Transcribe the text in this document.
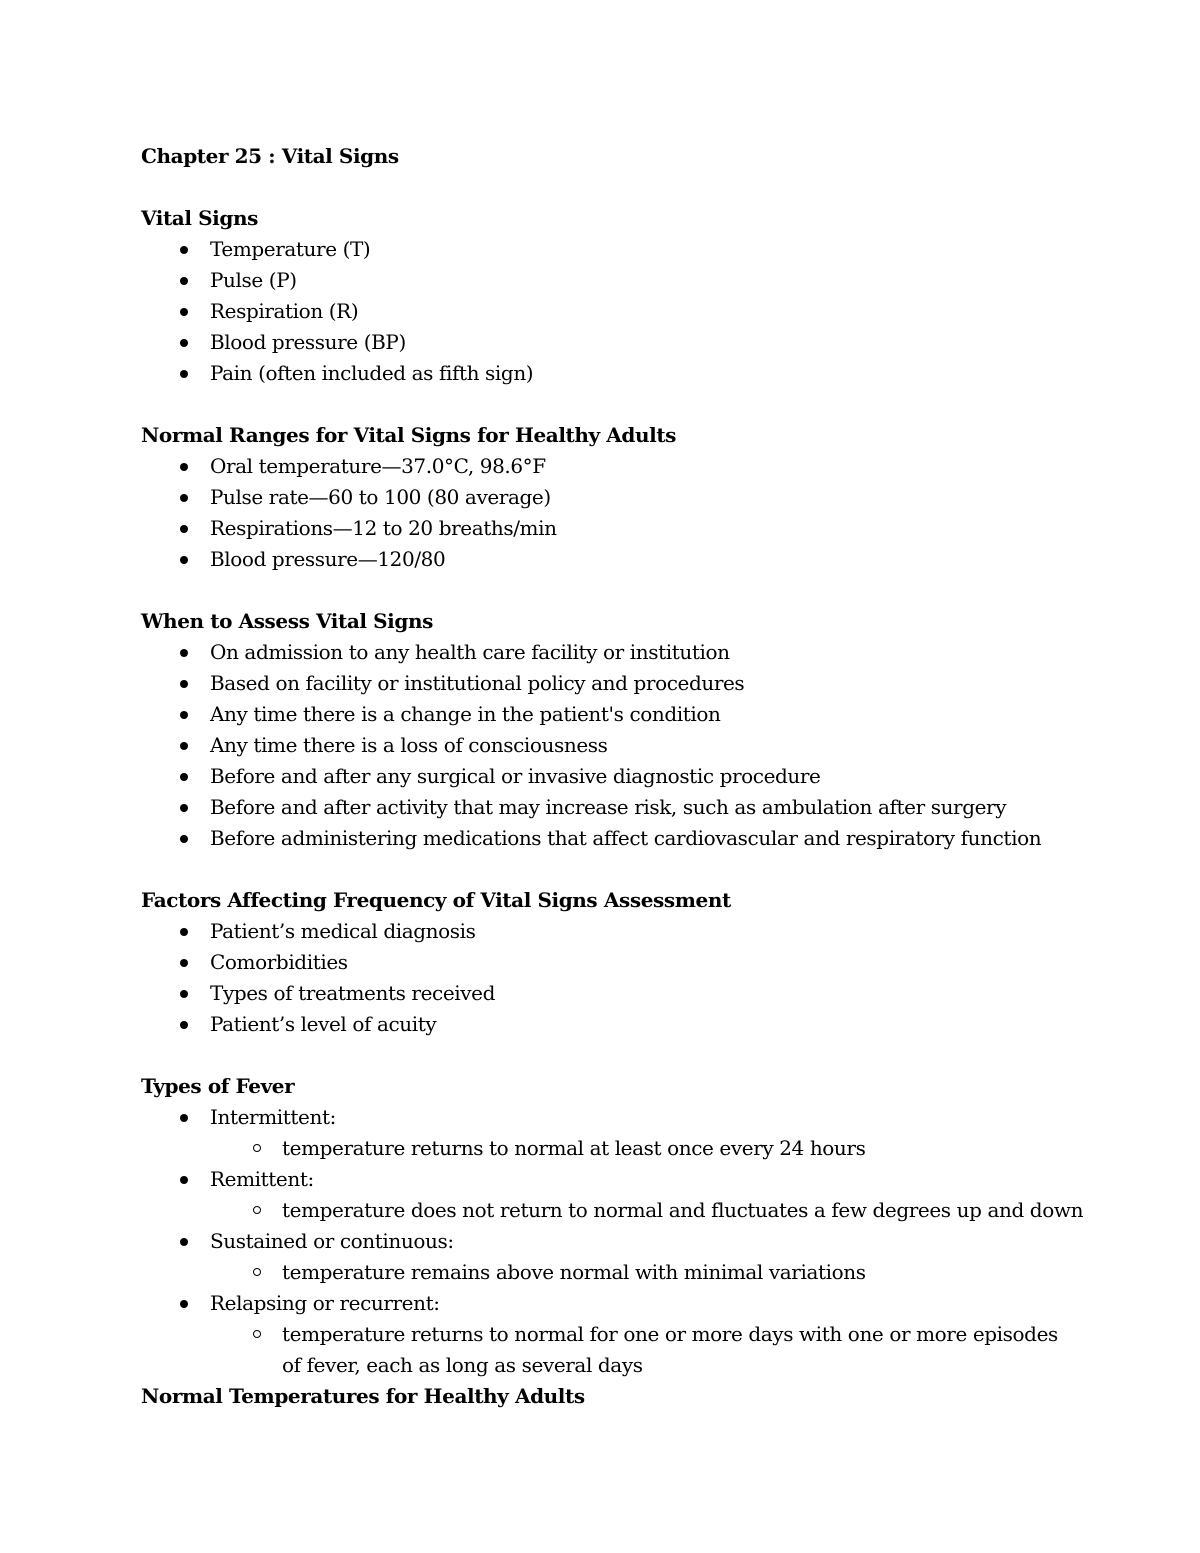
Chapter 25 : Vital Signs
Vital Signs
Temperature (T)
Pulse (P)
Respiration (R)
Blood pressure (BP)
Pain (often included as fifth sign)
Normal Ranges for Vital Signs for Healthy Adults
Oral temperature—37.0°C, 98.6°F
Pulse rate—60 to 100 (80 average)
Respirations—12 to 20 breaths/min
Blood pressure—120/80
When to Assess Vital Signs
On admission to any health care facility or institution
Based on facility or institutional policy and procedures
Any time there is a change in the patient's condition
Any time there is a loss of consciousness
Before and after any surgical or invasive diagnostic procedure
Before and after activity that may increase risk, such as ambulation after surgery
Before administering medications that affect cardiovascular and respiratory function
Factors Affecting Frequency of Vital Signs Assessment
Patient’s medical diagnosis
Comorbidities
Types of treatments received
Patient’s level of acuity
Types of Fever
Intermittent:
temperature returns to normal at least once every 24 hours
Remittent:
temperature does not return to normal and fluctuates a few degrees up and down
Sustained or continuous:
temperature remains above normal with minimal variations
Relapsing or recurrent:
temperature returns to normal for one or more days with one or more episodes of fever, each as long as several days
Normal Temperatures for Healthy Adults
